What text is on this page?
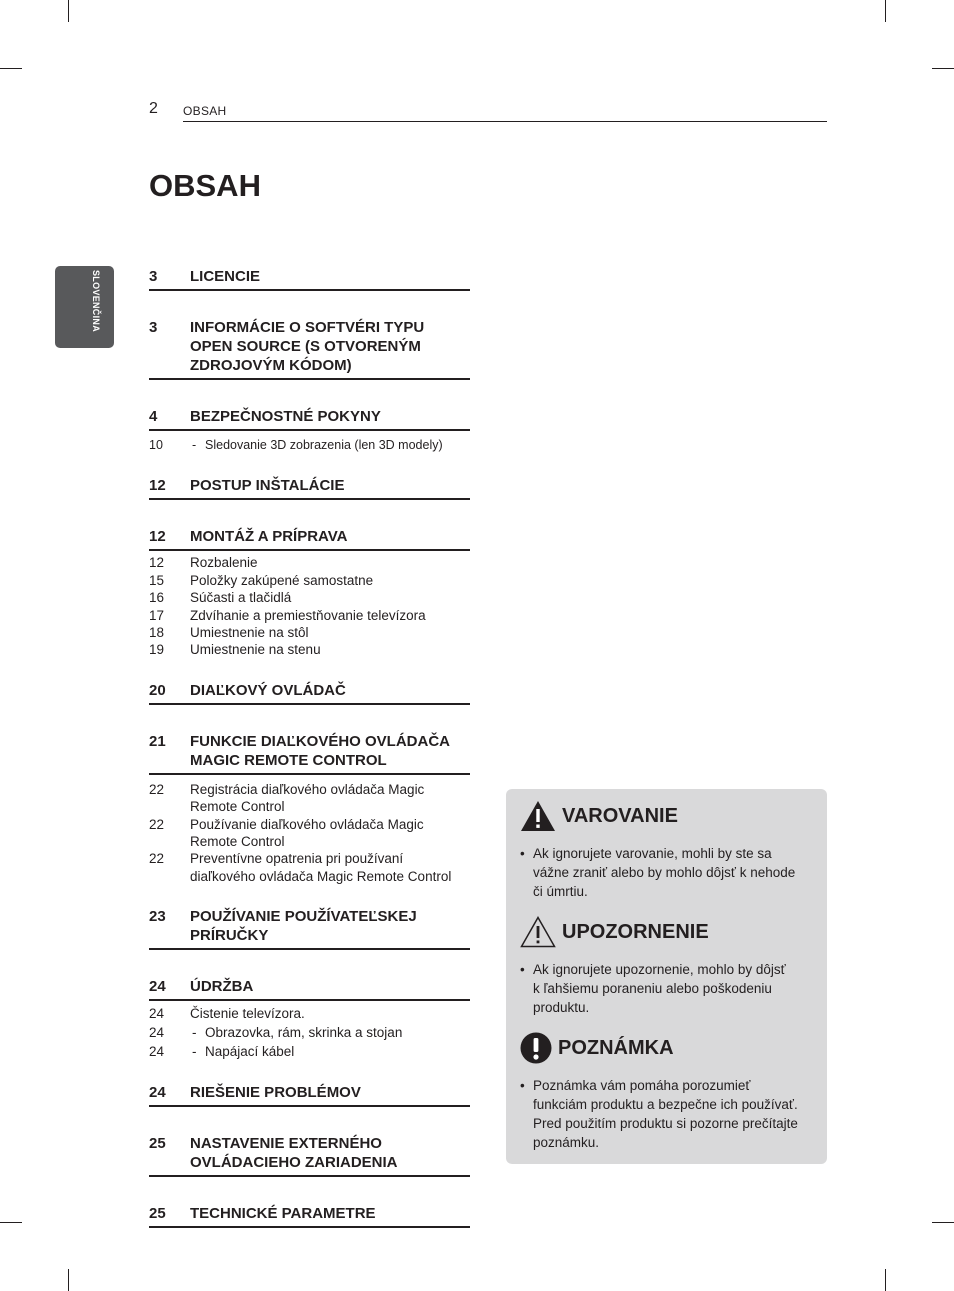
2 OBSAH
OBSAH
SLOVENČINA	3	LICENCIE
3	INFORMÁCIE O SOFTVÉRI TYPU
OPEN SOURCE (S OTVORENÝM
ZDROJOVÝM KÓDOM)
4	BEZPEČNOSTNÉ POKYNY
10	- Sledovanie 3D zobrazenia (len 3D modely)
12	POSTUP INŠTALÁCIE
12	MONTÁŽ A PRÍPRAVA
12	Rozbalenie
15	Položky zakúpené samostatne
16	Súčasti a tlačidlá
17	Zdvíhanie a premiestňovanie televízora
18	Umiestnenie na stôl
19	Umiestnenie na stenu
20	DIAĽKOVÝ OVLÁDAČ
21	FUNKCIE DIAĽKOVÉHO OVLÁDAČA
MAGIC REMOTE CONTROL
22	Registrácia diaľkového ovládača Magic
Remote Control
22	Používanie diaľkového ovládača Magic
Remote Control
22	Preventívne opatrenia pri používaní
diaľkového ovládača Magic Remote Control
23	POUŽÍVANIE POUŽÍVATEĽSKEJ
PRÍRUČKY
24	ÚDRŽBA
24	Čistenie televízora.
24	- Obrazovka, rám, skrinka a stojan
24	- Napájací kábel
24	RIEŠENIE PROBLÉMOV
25	NASTAVENIE EXTERNÉHO
OVLÁDACIEHO ZARIADENIA
25	TECHNICKÉ PARAMETRE
VAROVANIE
• Ak ignorujete varovanie, mohli by ste sa
vážne zraniť alebo by mohlo dôjsť k nehode
či úmrtiu.
UPOZORNENIE
• Ak ignorujete upozornenie, mohlo by dôjsť
k ľahšiemu poraneniu alebo poškodeniu
produktu.
POZNÁMKA
• Poznámka vám pomáha porozumieť
funkciám produktu a bezpečne ich používať.
Pred použitím produktu si pozorne prečítajte
poznámku.
